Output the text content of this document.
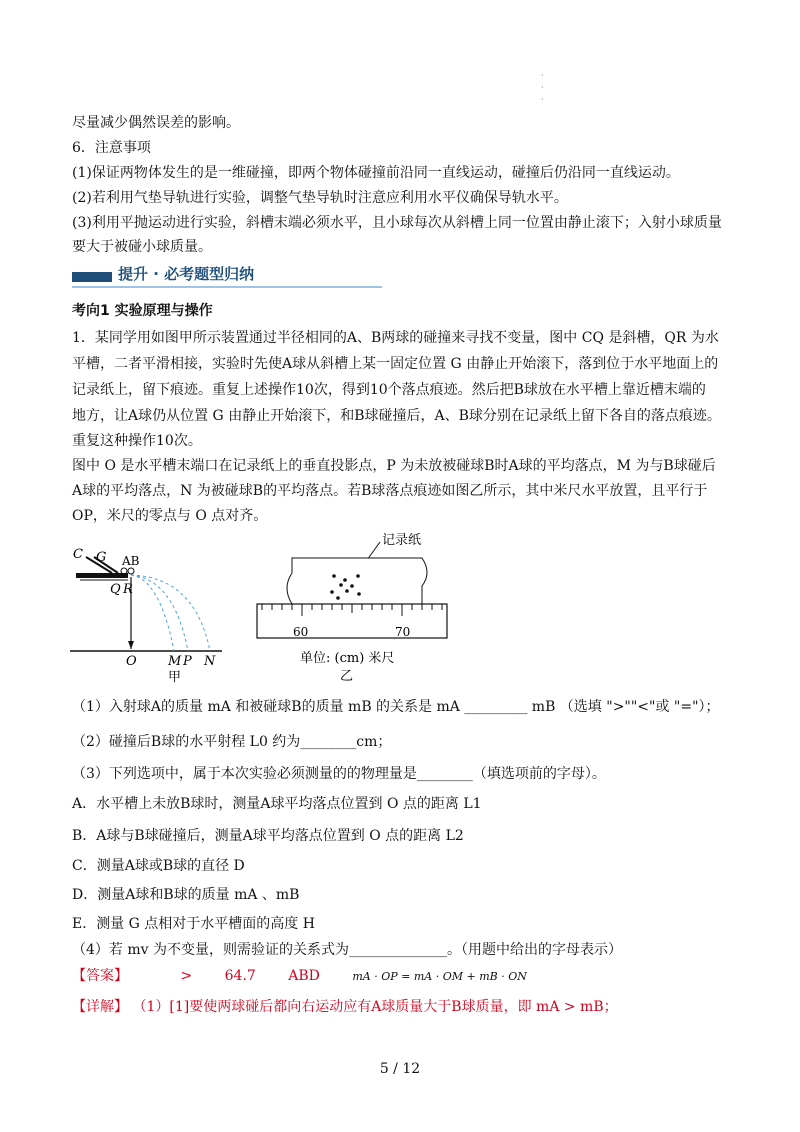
·
·
·
尽量减少偶然误差的影响。
6．注意事项
(1)保证两物体发生的是一维碰撞，即两个物体碰撞前沿同一直线运动，碰撞后仍沿同一直线运动。
(2)若利用气垫导轨进行实验，调整气垫导轨时注意应利用水平仪确保导轨水平。
(3)利用平抛运动进行实验，斜槽末端必须水平，且小球每次从斜槽上同一位置由静止滚下；入射小球质量
要大于被碰小球质量。
提升 · 必考题型归纳
考向1 实验原理与操作
1．某同学用如图甲所示装置通过半径相同的A、B两球的碰撞来寻找不变量，图中 CQ 是斜槽，QR 为水
平槽，二者平滑相接，实验时先使A球从斜槽上某一固定位置 G 由静止开始滚下，落到位于水平地面上的
记录纸上，留下痕迹。重复上述操作10次，得到10个落点痕迹。然后把B球放在水平槽上靠近槽末端的
地方，让A球仍从位置 G 由静止开始滚下，和B球碰撞后，A、B球分别在记录纸上留下各自的落点痕迹。
重复这种操作10次。
图中 O 是水平槽末端口在记录纸上的垂直投影点，P 为未放被碰球B时A球的平均落点，M 为与B球碰后
A球的平均落点，N 为被碰球B的平均落点。若B球落点痕迹如图乙所示，其中米尺水平放置，且平行于
OP，米尺的零点与 O 点对齐。
C G AB
Q R
O M P N
甲
记录纸
60	70
单位: (cm) 米尺
乙
（1）入射球A的质量 mA 和被碰球B的质量 mB 的关系是 mA _________ mB （选填 ">""<"或 "="）；
（2）碰撞后B球的水平射程 L0 约为________cm；
（3）下列选项中，属于本次实验必须测量的的物理量是________（填选项前的字母）。
A．水平槽上未放B球时，测量A球平均落点位置到 O 点的距离 L1
B．A球与B球碰撞后，测量A球平均落点位置到 O 点的距离 L2
C．测量A球或B球的直径 D
D．测量A球和B球的质量 mA 、mB
E．测量 G 点相对于水平槽面的高度 H
（4）若 mv 为不变量，则需验证的关系式为______________。（用题中给出的字母表示）
【答案】	> 64.7 ABD	mA · OP = mA · OM + mB · ON
【详解】 （1）[1]要使两球碰后都向右运动应有A球质量大于B球质量，即 mA > mB；
5 / 12
